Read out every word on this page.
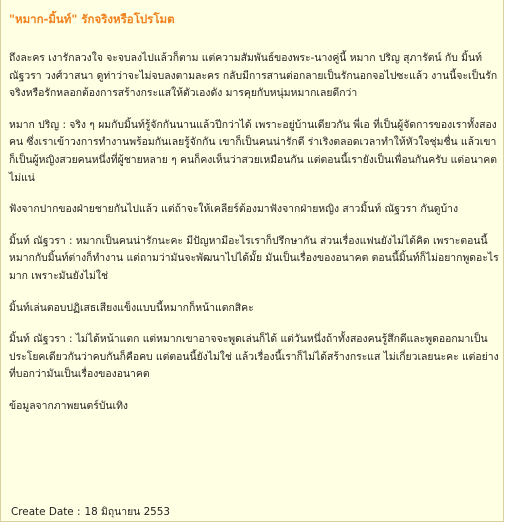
"หมาก-มิ้นท์" รักจริงหรือโปรโมต

ถึงละคร เงารักลวงใจ จะจบลงไปแล้วก็ตาม แต่ความสัมพันธ์ของพระ-นางคู่นี้ หมาก ปริญ สุภารัตน์ กับ มิ้นท์ ณัฐวรา วงศ์วาสนา ดูท่าว่าจะไม่จบลงตามละคร กลับมีการสานต่อกลายเป็นรักนอกจอไปซะแล้ว งานนี้จะเป็นรักจริงหรือรักหลอกต้องการสร้างกระแสให้ตัวเองดัง มารคุยกับหนุ่มหมากเลยดีกว่า

หมาก ปริญ : จริง ๆ ผมกับมิ้นท์รู้จักกันนานแล้วปีกว่าได้ เพราะอยู่บ้านเดียวกัน พี่เอ ที่เป็นผู้จัดการของเราทั้งสองคน ซึ่งเราเข้าวงการทำงานพร้อมกันเลยรู้จักกัน เขาก็เป็นคนน่ารักดี ร่าเริงตลอดเวลาทำให้หัวใจชุ่มชื่น แล้วเขาก็เป็นผู้หญิงสวยคนหนึ่งที่ผู้ชายหลาย ๆ คนก็คงเห็นว่าสวยเหมือนกัน แต่ตอนนี้เรายังเป็นเพื่อนกันครับ แต่อนาคตไม่แน่

ฟังจากปากของฝ่ายชายกันไปแล้ว แต่ถ้าจะให้เคลียร์ต้องมาฟังจากฝ่ายหญิง สาวมิ้นท์ ณัฐวรา กันดูบ้าง

มิ้นท์ ณัฐวรา : หมากเป็นคนน่ารักนะคะ มีปัญหามีอะไรเราก็ปรึกษากัน ส่วนเรื่องแฟนยังไม่ได้คิด เพราะตอนนี้หมากกับมิ้นท์ต่างก็ทำงาน แต่ถามว่ามันจะพัฒนาไปได้มั้ย มันเป็นเรื่องของอนาคต ตอนนี้มิ้นท์ก็ไม่อยากพูดอะไรมาก เพราะมันยังไม่ใช่

มิ้นท์เล่นตอบปฏิเสธเสียงแข็งแบบนี้หมากก็หน้าแตกสิคะ

มิ้นท์ ณัฐวรา : ไม่ได้หน้าแตก แต่หมากเขาอาจจะพูดเล่นก็ได้ แต่วันหนึ่งถ้าทั้งสองคนรู้สึกดีและพูดออกมาเป็นประโยคเดียวกันว่าคบกันก็คือคบ แต่ตอนนี้ยังไม่ใช่ แล้วเรื่องนี้เราก็ไม่ได้สร้างกระแส ไม่เกี่ยวเลยนะคะ แต่อย่างที่บอกว่ามันเป็นเรื่องของอนาคต

ข้อมูลจากภาพยนตร์บันเทิง

Create Date : 18 มิถุนายน 2553
